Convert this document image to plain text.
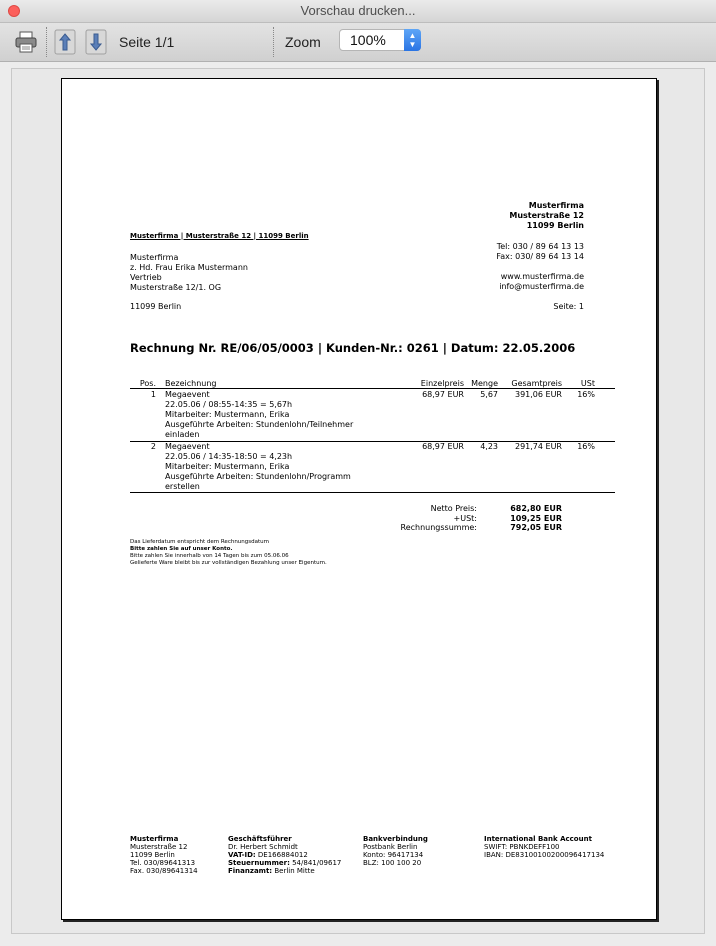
Vorschau drucken...
Seite 1/1	Zoom	100%	▲
▼
Musterfirma
Musterstraße 12
11099 Berlin
Musterfirma | Musterstraße 12 | 11099 Berlin
Tel: 030 / 89 64 13 13
Fax: 030/ 89 64 13 14
www.musterfirma.de
info@musterfirma.de
Musterfirma
z. Hd. Frau Erika Mustermann
Vertrieb
Musterstraße 12/1. OG
11099 Berlin	Seite: 1
Rechnung Nr. RE/06/05/0003 | Kunden-Nr.: 0261 | Datum: 22.05.2006
Pos. Bezeichnung	Einzelpreis Menge	Gesamtpreis	USt
1 Megaevent
22.05.06 / 08:55-14:35 = 5,67h
Mitarbeiter: Mustermann, Erika
Ausgeführte Arbeiten: Stundenlohn/Teilnehmer
einladen
68,97 EUR	5,67	391,06 EUR	16%
2 Megaevent
22.05.06 / 14:35-18:50 = 4,23h
Mitarbeiter: Mustermann, Erika
Ausgeführte Arbeiten: Stundenlohn/Programm
erstellen
68,97 EUR	4,23	291,74 EUR	16%
Netto Preis:	682,80 EUR
+USt:	109,25 EUR
Rechnungssumme:	792,05 EUR
Das Lieferdatum entspricht dem Rechnungsdatum
Bitte zahlen Sie auf unser Konto.
Bitte zahlen Sie innerhalb von 14 Tagen bis zum 05.06.06
Gelieferte Ware bleibt bis zur vollständigen Bezahlung unser Eigentum.
Musterfirma
Musterstraße 12
11099 Berlin
Tel. 030/89641313
Fax. 030/89641314
Geschäftsführer
Dr. Herbert Schmidt
VAT-ID: DE166884012
Steuernummer: 54/841/09617
Finanzamt: Berlin Mitte
Bankverbindung
Postbank Berlin
Konto: 96417134
BLZ: 100 100 20
International Bank Account
SWIFT: PBNKDEFF100
IBAN: DE83100100200096417134
